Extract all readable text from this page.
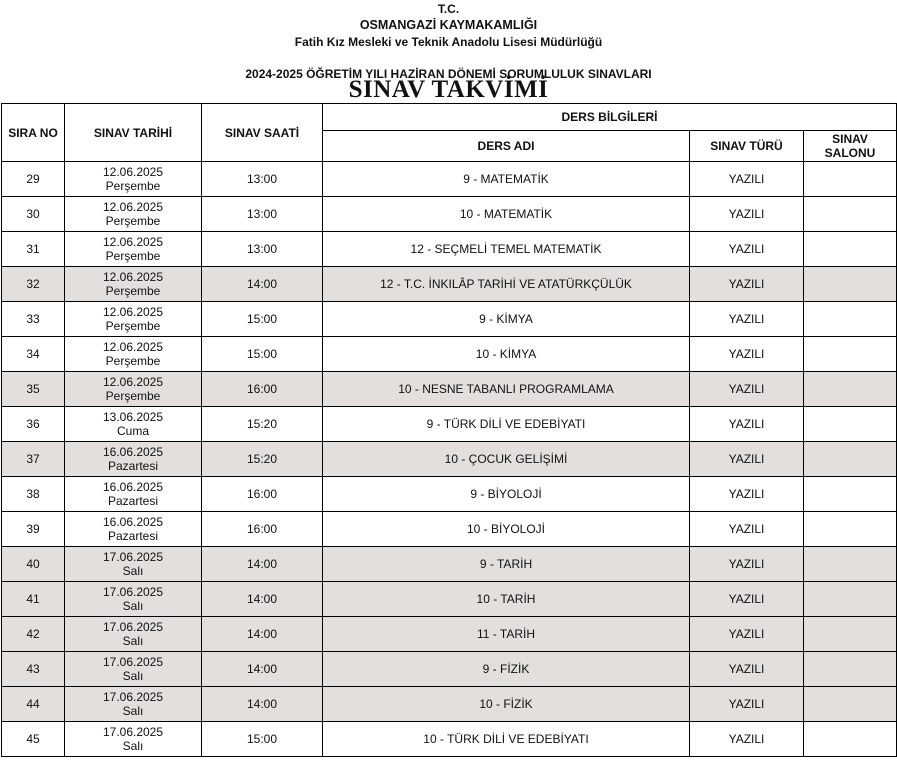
T.C.
OSMANGAZİ KAYMAKAMLIĞI
Fatih Kız Mesleki ve Teknik Anadolu Lisesi Müdürlüğü
2024-2025 ÖĞRETİM YILI HAZİRAN DÖNEMİ SORUMLULUK SINAVLARI
SINAV TAKVİMİ
SIRA NO	SINAV TARİHİ	SINAV SAATİ	DERS BİLGİLERİ		
			DERS ADI	SINAV TÜRÜ	SINAV
SALONU

29	12.06.2025
Perşembe	13:00	9 - MATEMATİK	YAZILI	
30	12.06.2025
Perşembe	13:00	10 - MATEMATİK	YAZILI	
31	12.06.2025
Perşembe	13:00	12 - SEÇMELİ TEMEL MATEMATİK	YAZILI	
32	12.06.2025
Perşembe	14:00	12 - T.C. İNKILÂP TARİHİ VE ATATÜRKÇÜLÜK	YAZILI	
33	12.06.2025
Perşembe	15:00	9 - KİMYA	YAZILI	
34	12.06.2025
Perşembe	15:00	10 - KİMYA	YAZILI	
35	12.06.2025
Perşembe	16:00	10 - NESNE TABANLI PROGRAMLAMA	YAZILI	
36	13.06.2025
Cuma	15:20	9 - TÜRK DİLİ VE EDEBİYATI	YAZILI	
37	16.06.2025
Pazartesi	15:20	10 - ÇOCUK GELİŞİMİ	YAZILI	
38	16.06.2025
Pazartesi	16:00	9 - BİYOLOJİ	YAZILI	
39	16.06.2025
Pazartesi	16:00	10 - BİYOLOJİ	YAZILI	
40	17.06.2025
Salı	14:00	9 - TARİH	YAZILI	
41	17.06.2025
Salı	14:00	10 - TARİH	YAZILI	
42	17.06.2025
Salı	14:00	11 - TARİH	YAZILI	
43	17.06.2025
Salı	14:00	9 - FİZİK	YAZILI	
44	17.06.2025
Salı	14:00	10 - FİZİK	YAZILI	
45	17.06.2025
Salı	15:00	10 - TÜRK DİLİ VE EDEBİYATI	YAZILI	
